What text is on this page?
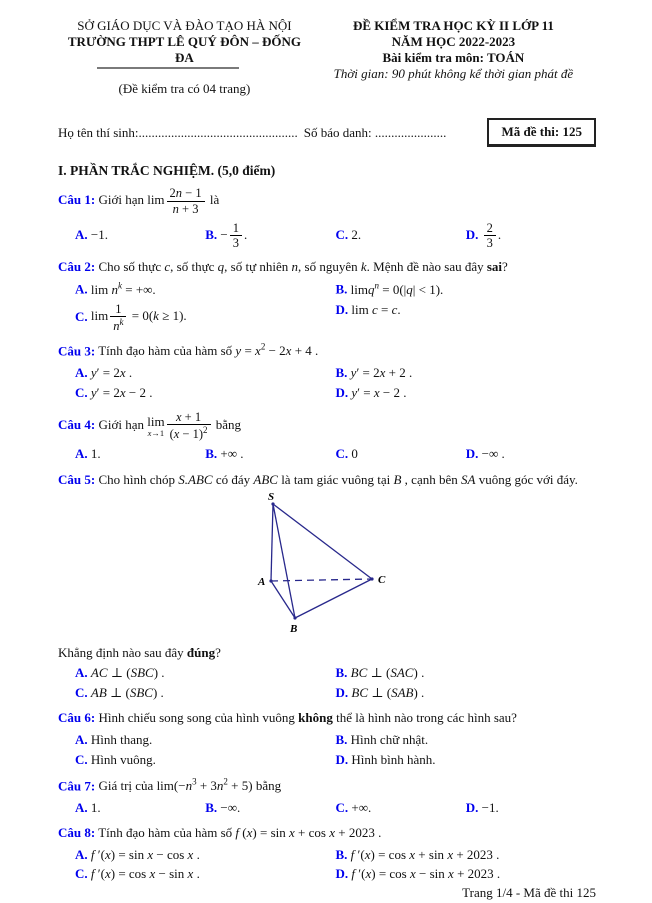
SỞ GIÁO DỤC VÀ ĐÀO TẠO HÀ NỘI
TRƯỜNG THPT LÊ QUÝ ĐÔN – ĐỐNG ĐA
(Đề kiểm tra có 04 trang)
ĐỀ KIỂM TRA HỌC KỲ II LỚP 11
NĂM HỌC 2022-2023
Bài kiểm tra môn: TOÁN
Thời gian: 90 phút không kể thời gian phát đề
Họ tên thí sinh:................................................. Số báo danh: ......................	Mã đề thi: 125
I. PHẦN TRẮC NGHIỆM. (5,0 điểm)
Câu 1: Giới hạn $\lim \frac{2n - 1}{n + 3}$ là
A. −1.	B. − $\frac{1}{3}$ .	C. 2.	D. $\frac{2}{3}$ .
Câu 2: Cho số thực c, số thực q, số tự nhiên n, số nguyên k. Mệnh đề nào sau đây sai?
A. $\lim n^k$ = +∞.	B. limq$^n$ = 0(|q| < 1).
C. $\lim \frac{1}{n^k} = 0(k \ge 1)$.	D. lim c = c.
Câu 3: Tính đạo hàm của hàm số $y = x^2 - 2x + 4$ .
A. y′ = 2x .	B. y′ = 2x + 2 .
C. y′ = 2x − 2 .	D. y′ = x − 2 .
Câu 4: Giới hạn lim
$x\to 1 \frac{x + 1}{(x - 1)^2}$ bằng
A. 1.	B. +∞ .	C. 0	D. −∞ .
Câu 5: Cho hình chóp S.ABC có đáy ABC là tam giác vuông tại B , cạnh bên SA vuông góc với đáy.
S
A
B
C
Khẳng định nào sau đây đúng?
A. AC ⊥ (SBC) .	B. BC ⊥ (SAC) .
C. AB ⊥ (SBC) .	D. BC ⊥ (SAB) .
Câu 6: Hình chiếu song song của hình vuông không thể là hình nào trong các hình sau?
A. Hình thang.	B. Hình chữ nhật.
C. Hình vuông.	D. Hình bình hành.
Câu 7: Giá trị của $\lim(-n^3 + 3n^2 + 5)$ bằng
A. 1.	B. −∞.	C. +∞.	D. −1.
Câu 8: Tính đạo hàm của hàm số f (x) = sin x + cos x + 2023 .
A. f ′(x) = sin x − cos x .	B. f ′(x) = cos x + sin x + 2023 .
C. f ′(x) = cos x − sin x .	D. f ′(x) = cos x − sin x + 2023 .
Trang 1/4 - Mã đề thi 125
